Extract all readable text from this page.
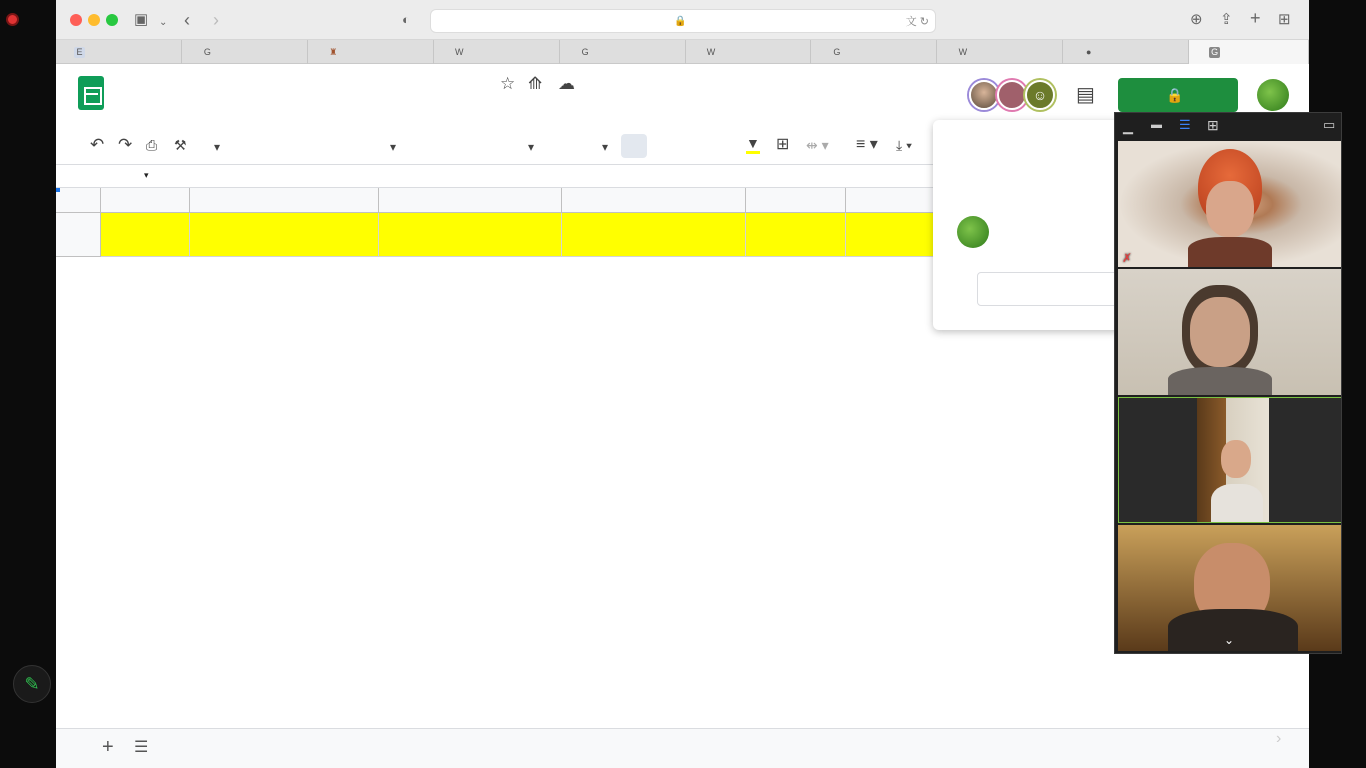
▣ ⌄ ‹ ›	◐	🔒	文 ↻	⊕ ⇪ + ⊞
E	G	♜	W	G	W	G	W	●	G
☆ ⟰ ☁
☺	▤	🔒
↶ ↷ ⎙ ⚒ ▾	▾	▾	▾	▼ ⊞ ⇹ ▾ ≡ ▾ ⤓ ▾
▾
+ ☰
▁ ▬ ☰ ⊞	▭
✗
⌄
✎
›
